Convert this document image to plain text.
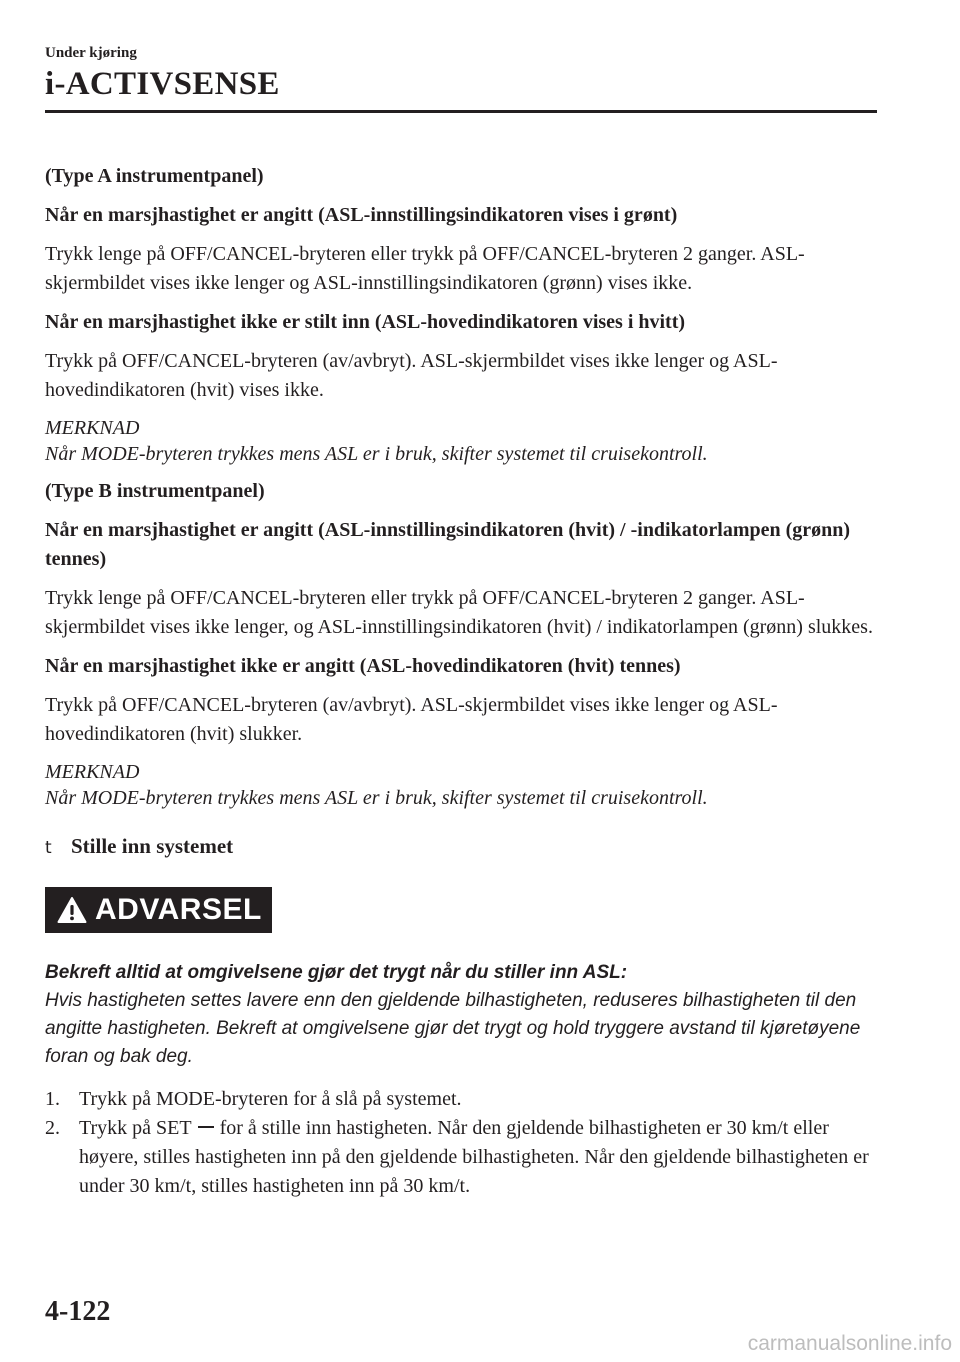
Under kjøring
i-ACTIVSENSE

(Type A instrumentpanel)

Når en marsjhastighet er angitt (ASL-innstillingsindikatoren vises i grønt)

Trykk lenge på OFF/CANCEL-bryteren eller trykk på OFF/CANCEL-bryteren 2 ganger. ASL-skjermbildet vises ikke lenger og ASL-innstillingsindikatoren (grønn) vises ikke.

Når en marsjhastighet ikke er stilt inn (ASL-hovedindikatoren vises i hvitt)

Trykk på OFF/CANCEL-bryteren (av/avbryt). ASL-skjermbildet vises ikke lenger og ASL-hovedindikatoren (hvit) vises ikke.

MERKNAD
Når MODE-bryteren trykkes mens ASL er i bruk, skifter systemet til cruisekontroll.

(Type B instrumentpanel)

Når en marsjhastighet er angitt (ASL-innstillingsindikatoren (hvit) / -indikatorlampen (grønn) tennes)

Trykk lenge på OFF/CANCEL-bryteren eller trykk på OFF/CANCEL-bryteren 2 ganger. ASL-skjermbildet vises ikke lenger, og ASL-innstillingsindikatoren (hvit) / indikatorlampen (grønn) slukkes.

Når en marsjhastighet ikke er angitt (ASL-hovedindikatoren (hvit) tennes)

Trykk på OFF/CANCEL-bryteren (av/avbryt). ASL-skjermbildet vises ikke lenger og ASL-hovedindikatoren (hvit) slukker.

MERKNAD
Når MODE-bryteren trykkes mens ASL er i bruk, skifter systemet til cruisekontroll.
t Stille inn systemet
ADVARSEL
Bekreft alltid at omgivelsene gjør det trygt når du stiller inn ASL:
Hvis hastigheten settes lavere enn den gjeldende bilhastigheten, reduseres bilhastigheten til den angitte hastigheten. Bekreft at omgivelsene gjør det trygt og hold tryggere avstand til kjøretøyene foran og bak deg.
1. Trykk på MODE-bryteren for å slå på systemet.
2. Trykk på SET for å stille inn hastigheten. Når den gjeldende bilhastigheten er 30 km/t eller høyere, stilles hastigheten inn på den gjeldende bilhastigheten. Når den gjeldende bilhastigheten er under 30 km/t, stilles hastigheten inn på 30 km/t.
4-122
carmanualsonline.info
